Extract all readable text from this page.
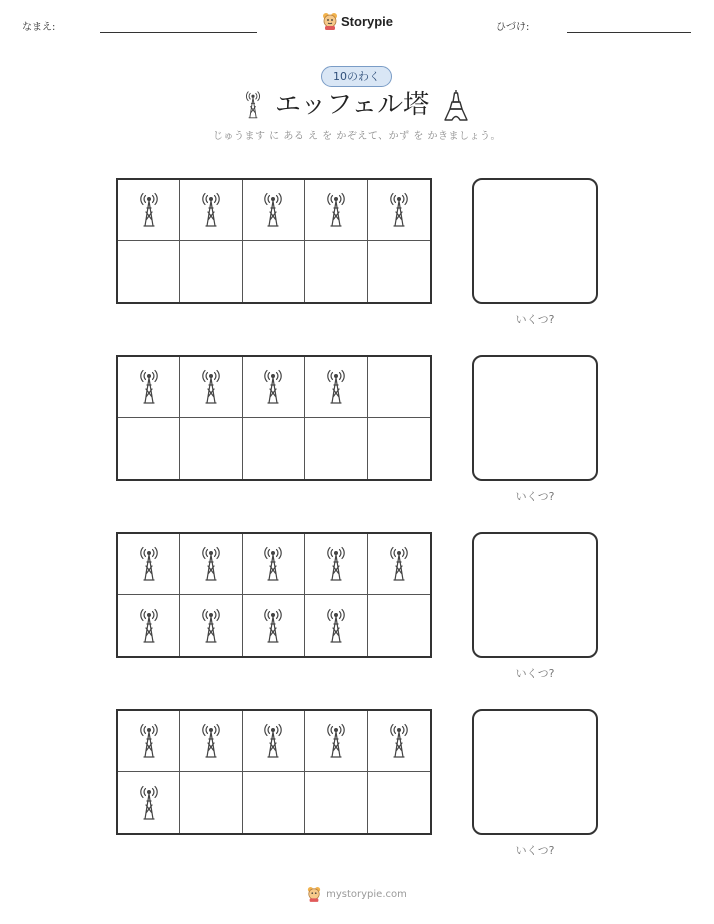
なまえ:	Storypie	ひづけ:
10のわく
エッフェル塔
じゅうます に ある え を かぞえて、かず を かきましょう。
いくつ?
いくつ?
いくつ?
いくつ?
mystorypie.com
